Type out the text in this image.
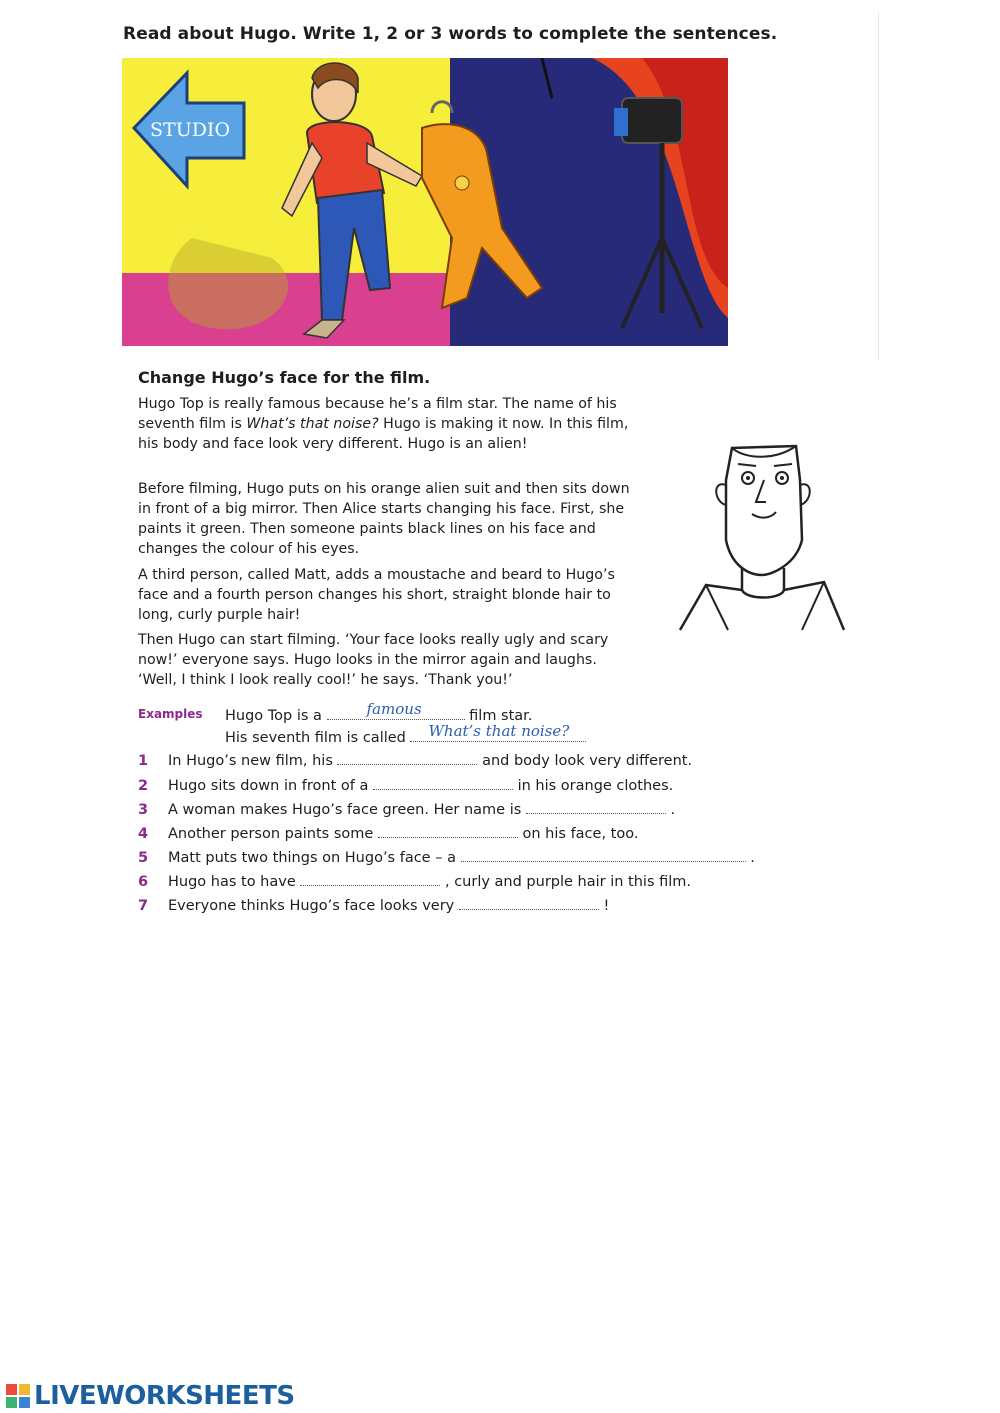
Read about Hugo. Write 1, 2 or 3 words to complete the sentences.
STUDIO
Change Hugo’s face for the film.

Hugo Top is really famous because he’s a film star. The name of his seventh film is What’s that noise? Hugo is making it now. In this film, his body and face look very different. Hugo is an alien!

Before filming, Hugo puts on his orange alien suit and then sits down in front of a big mirror. Then Alice starts changing his face. First, she paints it green. Then someone paints black lines on his face and changes the colour of his eyes.

A third person, called Matt, adds a moustache and beard to Hugo’s face and a fourth person changes his short, straight blonde hair to long, curly purple hair!

Then Hugo can start filming. ‘Your face looks really ugly and scary now!’ everyone says. Hugo looks in the mirror again and laughs. ‘Well, I think I look really cool!’ he says. ‘Thank you!’

Examples Hugo Top is a	famous	film star.
His seventh film is called What’s that noise?
1 In Hugo’s new film, his	and body look very different.
2 Hugo sits down in front of a	in his orange clothes.
3 A woman makes Hugo’s face green. Her name is	.
4 Another person paints some	on his face, too.
5 Matt puts two things on Hugo’s face – a	.
6 Hugo has to have	, curly and purple hair in this film.
7 Everyone thinks Hugo’s face looks very	!
LIVEWORKSHEETS
